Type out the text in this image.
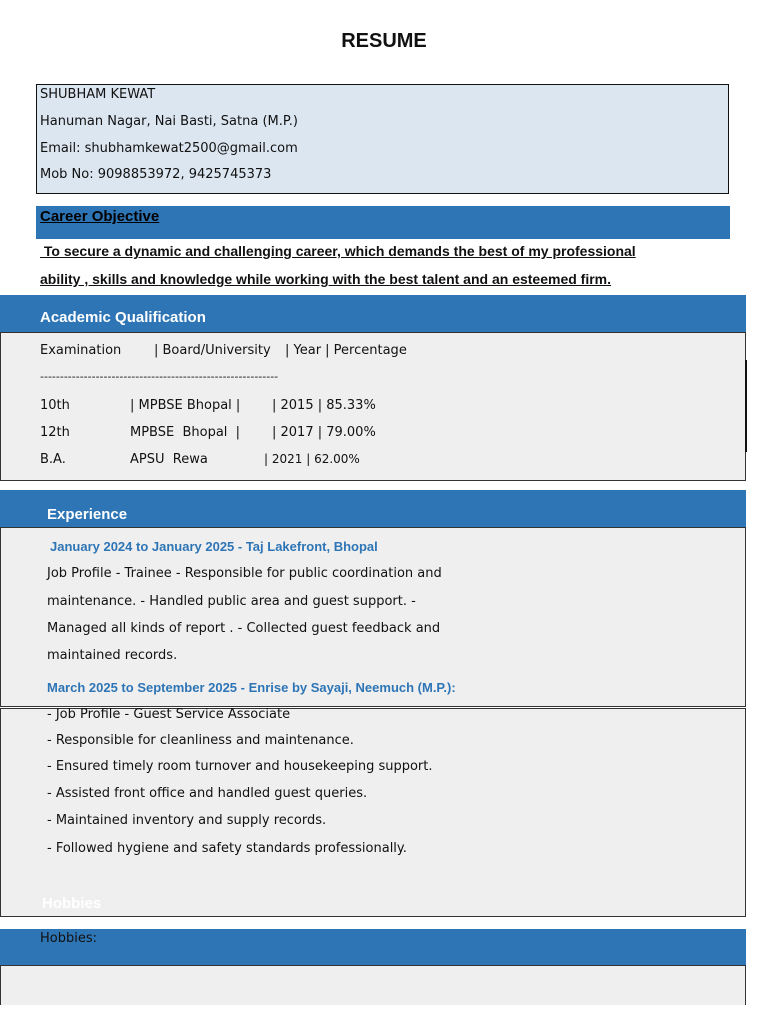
RESUME
SHUBHAM KEWAT
Hanuman Nagar, Nai Basti, Satna (M.P.)
Email: shubhamkewat2500@gmail.com
Mob No: 9098853972, 9425745373
Career Objective
To secure a dynamic and challenging career, which demands the best of my professional
ability , skills and knowledge while working with the best talent and an esteemed firm.
Academic Qualification
Examination	| Board/University | Year | Percentage
------------------------------------------------------------
10th	| MPBSE Bhopal | | 2015 | 85.33%
12th	MPBSE  Bhopal  | | 2017 | 79.00%
B.A.	APSU  Rewa	| 2021 | 62.00%
Experience
January 2024 to January 2025 - Taj Lakefront, Bhopal
Job Profile - Trainee - Responsible for public coordination and
maintenance. - Handled public area and guest support. -
Managed all kinds of report . - Collected guest feedback and
maintained records.
March 2025 to September 2025 - Enrise by Sayaji, Neemuch (M.P.):
- Job Profile - Guest Service Associate
- Responsible for cleanliness and maintenance.
- Ensured timely room turnover and housekeeping support.
- Assisted front office and handled guest queries.
- Maintained inventory and supply records.
- Followed hygiene and safety standards professionally.
Hobbies
Hobbies:
